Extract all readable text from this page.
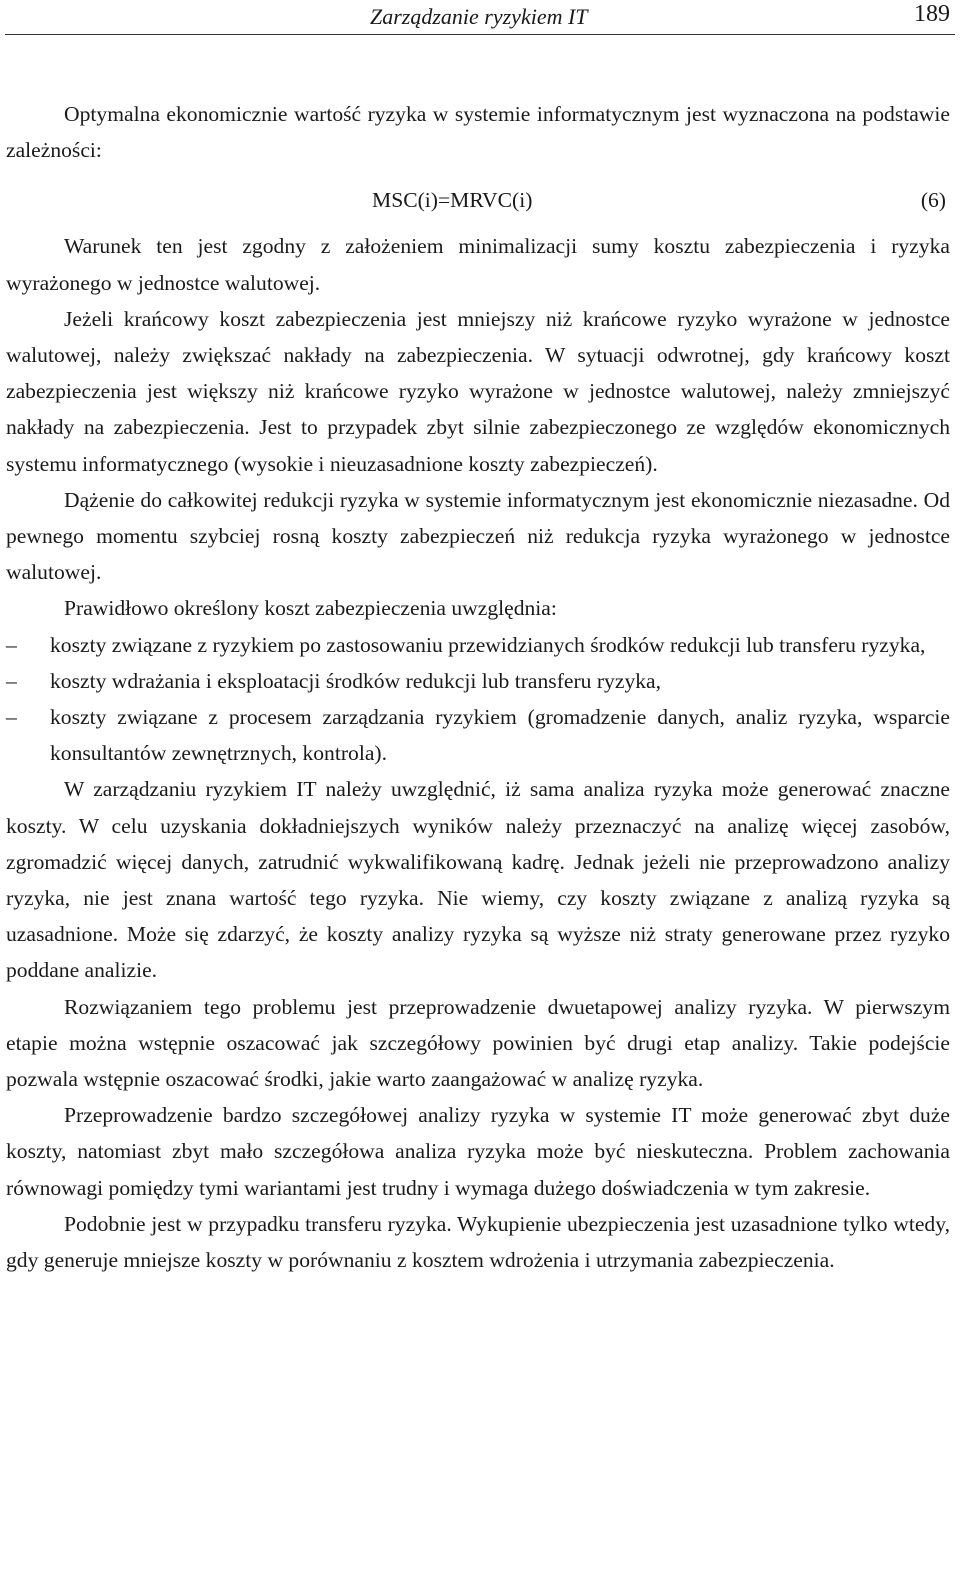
Zarządzanie ryzykiem IT	189

Optymalna ekonomicznie wartość ryzyka w systemie informatycznym jest wyznaczona na podstawie zależności:

MSC(i)=MRVC(i)	(6)

Warunek ten jest zgodny z założeniem minimalizacji sumy kosztu zabezpieczenia i ryzyka wyrażonego w jednostce walutowej.

Jeżeli krańcowy koszt zabezpieczenia jest mniejszy niż krańcowe ryzyko wyrażone w jednostce walutowej, należy zwiększać nakłady na zabezpieczenia. W sytuacji odwrotnej, gdy krańcowy koszt zabezpieczenia jest większy niż krańcowe ryzyko wyrażone w jednostce walutowej, należy zmniejszyć nakłady na zabezpieczenia. Jest to przypadek zbyt silnie zabezpieczonego ze względów ekonomicznych systemu informatycznego (wysokie i nieuzasadnione koszty zabezpieczeń).

Dążenie do całkowitej redukcji ryzyka w systemie informatycznym jest ekonomicznie niezasadne. Od pewnego momentu szybciej rosną koszty zabezpieczeń niż redukcja ryzyka wyrażonego w jednostce walutowej.

Prawidłowo określony koszt zabezpieczenia uwzględnia:

–	koszty związane z ryzykiem po zastosowaniu przewidzianych środków redukcji lub transferu ryzyka,
–	koszty wdrażania i eksploatacji środków redukcji lub transferu ryzyka,
–	koszty związane z procesem zarządzania ryzykiem (gromadzenie danych, analiz ryzyka, wsparcie konsultantów zewnętrznych, kontrola).

W zarządzaniu ryzykiem IT należy uwzględnić, iż sama analiza ryzyka może generować znaczne koszty. W celu uzyskania dokładniejszych wyników należy przeznaczyć na analizę więcej zasobów, zgromadzić więcej danych, zatrudnić wykwalifikowaną kadrę. Jednak jeżeli nie przeprowadzono analizy ryzyka, nie jest znana wartość tego ryzyka. Nie wiemy, czy koszty związane z analizą ryzyka są uzasadnione. Może się zdarzyć, że koszty analizy ryzyka są wyższe niż straty generowane przez ryzyko poddane analizie.

Rozwiązaniem tego problemu jest przeprowadzenie dwuetapowej analizy ryzyka. W pierwszym etapie można wstępnie oszacować jak szczegółowy powinien być drugi etap analizy. Takie podejście pozwala wstępnie oszacować środki, jakie warto zaangażować w analizę ryzyka.

Przeprowadzenie bardzo szczegółowej analizy ryzyka w systemie IT może generować zbyt duże koszty, natomiast zbyt mało szczegółowa analiza ryzyka może być nieskuteczna. Problem zachowania równowagi pomiędzy tymi wariantami jest trudny i wymaga dużego doświadczenia w tym zakresie.

Podobnie jest w przypadku transferu ryzyka. Wykupienie ubezpieczenia jest uzasadnione tylko wtedy, gdy generuje mniejsze koszty w porównaniu z kosztem wdrożenia i utrzymania zabezpieczenia.
